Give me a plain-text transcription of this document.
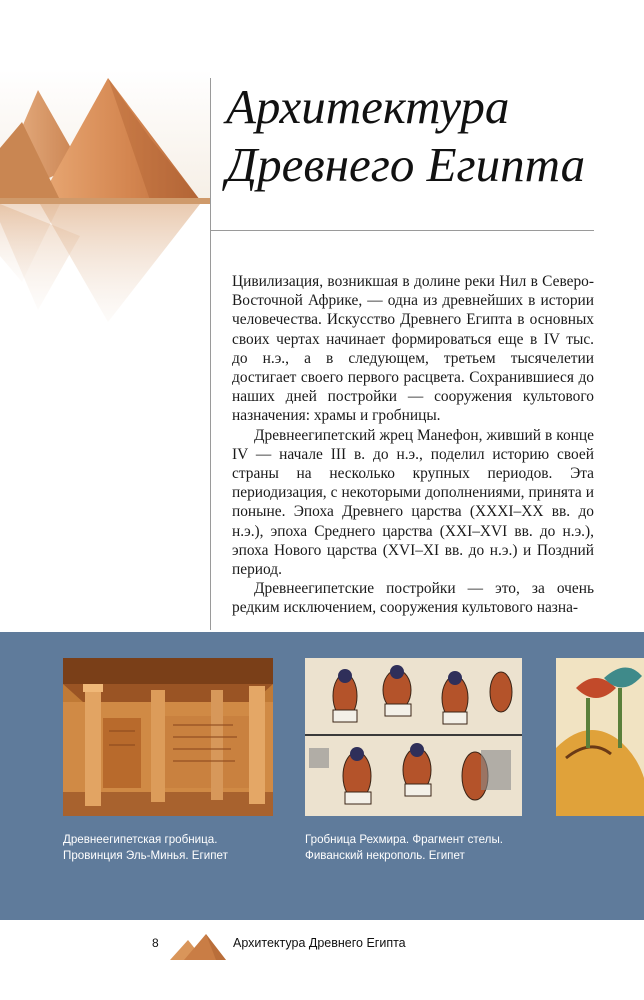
Архитектура
Древнего Египта

Цивилизация, возникшая в долине реки Нил в Северо-Восточной Африке, — одна из древнейших в истории человечества. Искусство Древнего Египта в основных своих чертах начинает формироваться еще в IV тыс. до н.э., а в следующем, третьем тысячелетии достигает своего первого расцвета. Сохранившиеся до наших дней постройки — сооружения культового назначения: храмы и гробницы.

Древнеегипетский жрец Манефон, живший в конце IV — начале III в. до н.э., поделил историю своей страны на несколько крупных периодов. Эта периодизация, с некоторыми дополнениями, принята и поныне. Эпоха Древнего царства (XXXI–XX вв. до н.э.), эпоха Среднего царства (XXI–XVI вв. до н.э.), эпоха Нового царства (XVI–XI вв. до н.э.) и Поздний период.

Древнеегипетские постройки — это, за очень редким исключением, сооружения культового назна-

Древнеегипетская гробница.
Провинция Эль-Минья. Египет
Гробница Рехмира. Фрагмент стелы.
Фиванский некрополь. Египет
8	Архитектура Древнего Египта
